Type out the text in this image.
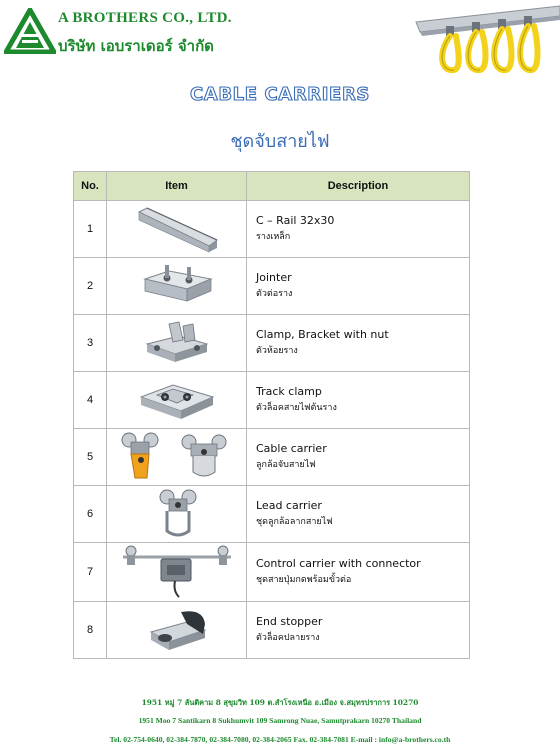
A BROTHERS CO., LTD.
บริษัท เอบราเดอร์ จำกัด
CABLE CARRIERS
ชุดจับสายไฟ
No.	Item	Description
1		C – Rail 32x30
รางเหล็ก

2		Jointer
ตัวต่อราง

3		Clamp, Bracket with nut
ตัวห้อยราง

4		Track clamp
ตัวล็อคสายไฟต้นราง

5		Cable carrier
ลูกล้อจับสายไฟ

6		Lead carrier
ชุดลูกล้อลากสายไฟ

7		Control carrier with connector
ชุดสายปุ่มกดพร้อมขั้วต่อ

8		End stopper
ตัวล็อคปลายราง
1951 หมู่ 7 ลันติคาม 8 สุขุมวิท 109 ต.สำโรงเหนือ อ.เมือง จ.สมุทรปราการ 10270
1951 Moo 7 Santikarn 8 Sukhumvit 109 Samrong Nuae, Samutprakarn 10270 Thailand
Tel. 02-754-0640, 02-384-7870, 02-384-7080, 02-384-2065 Fax. 02-384-7081 E-mail : info@a-brothers.co.th
